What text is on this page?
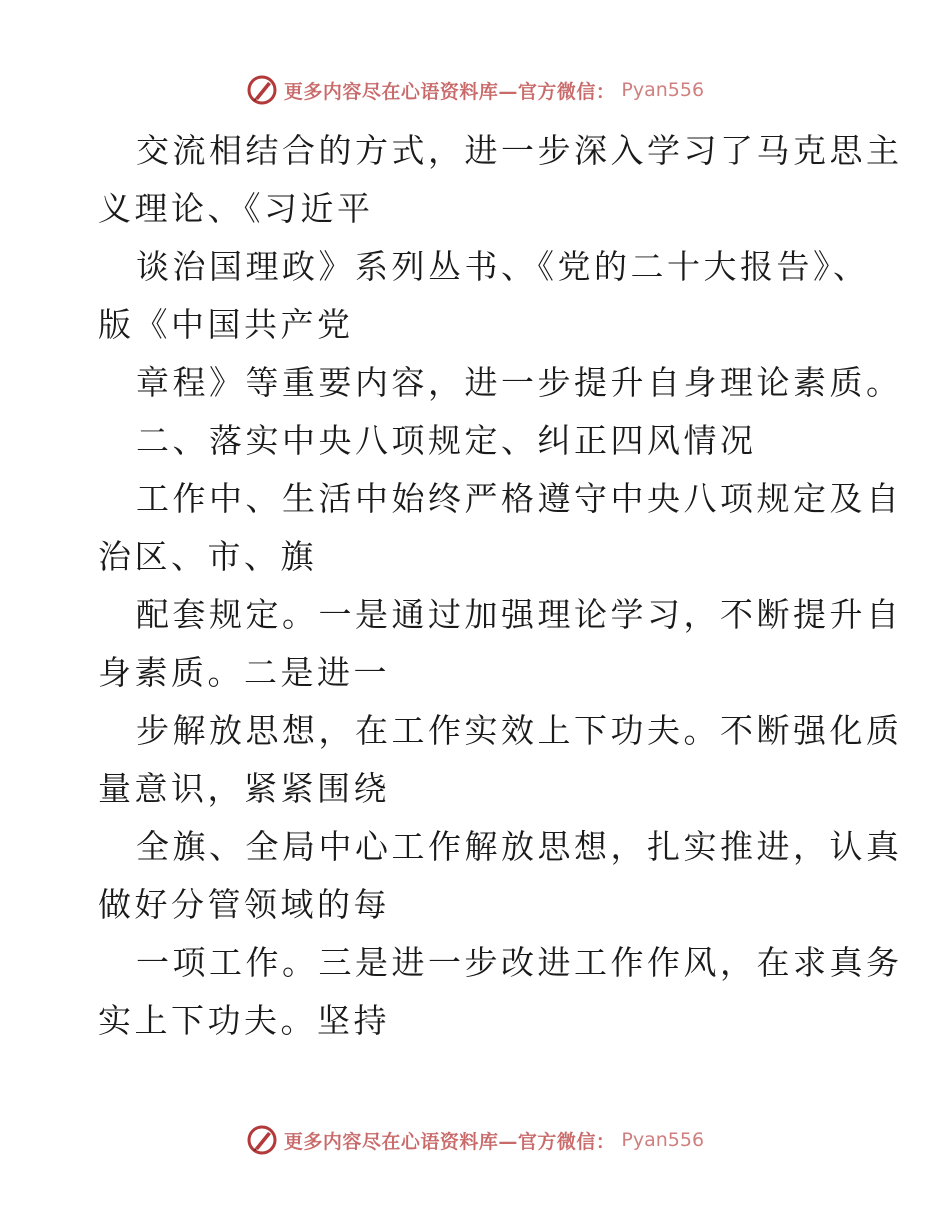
更多内容尽在心语资料库—官方微信： Pyan556
交流相结合的方式，进一步深入学习了马克思主
义理论、《习近平
谈治国理政》系列丛书、《党的二十大报告》、
版《中国共产党
章程》等重要内容，进一步提升自身理论素质。
二、落实中央八项规定、纠正四风情况
工作中、生活中始终严格遵守中央八项规定及自
治区、市、旗
配套规定。一是通过加强理论学习，不断提升自
身素质。二是进一
步解放思想，在工作实效上下功夫。不断强化质
量意识，紧紧围绕
全旗、全局中心工作解放思想，扎实推进，认真
做好分管领域的每
一项工作。三是进一步改进工作作风，在求真务
实上下功夫。坚持
更多内容尽在心语资料库—官方微信： Pyan556
